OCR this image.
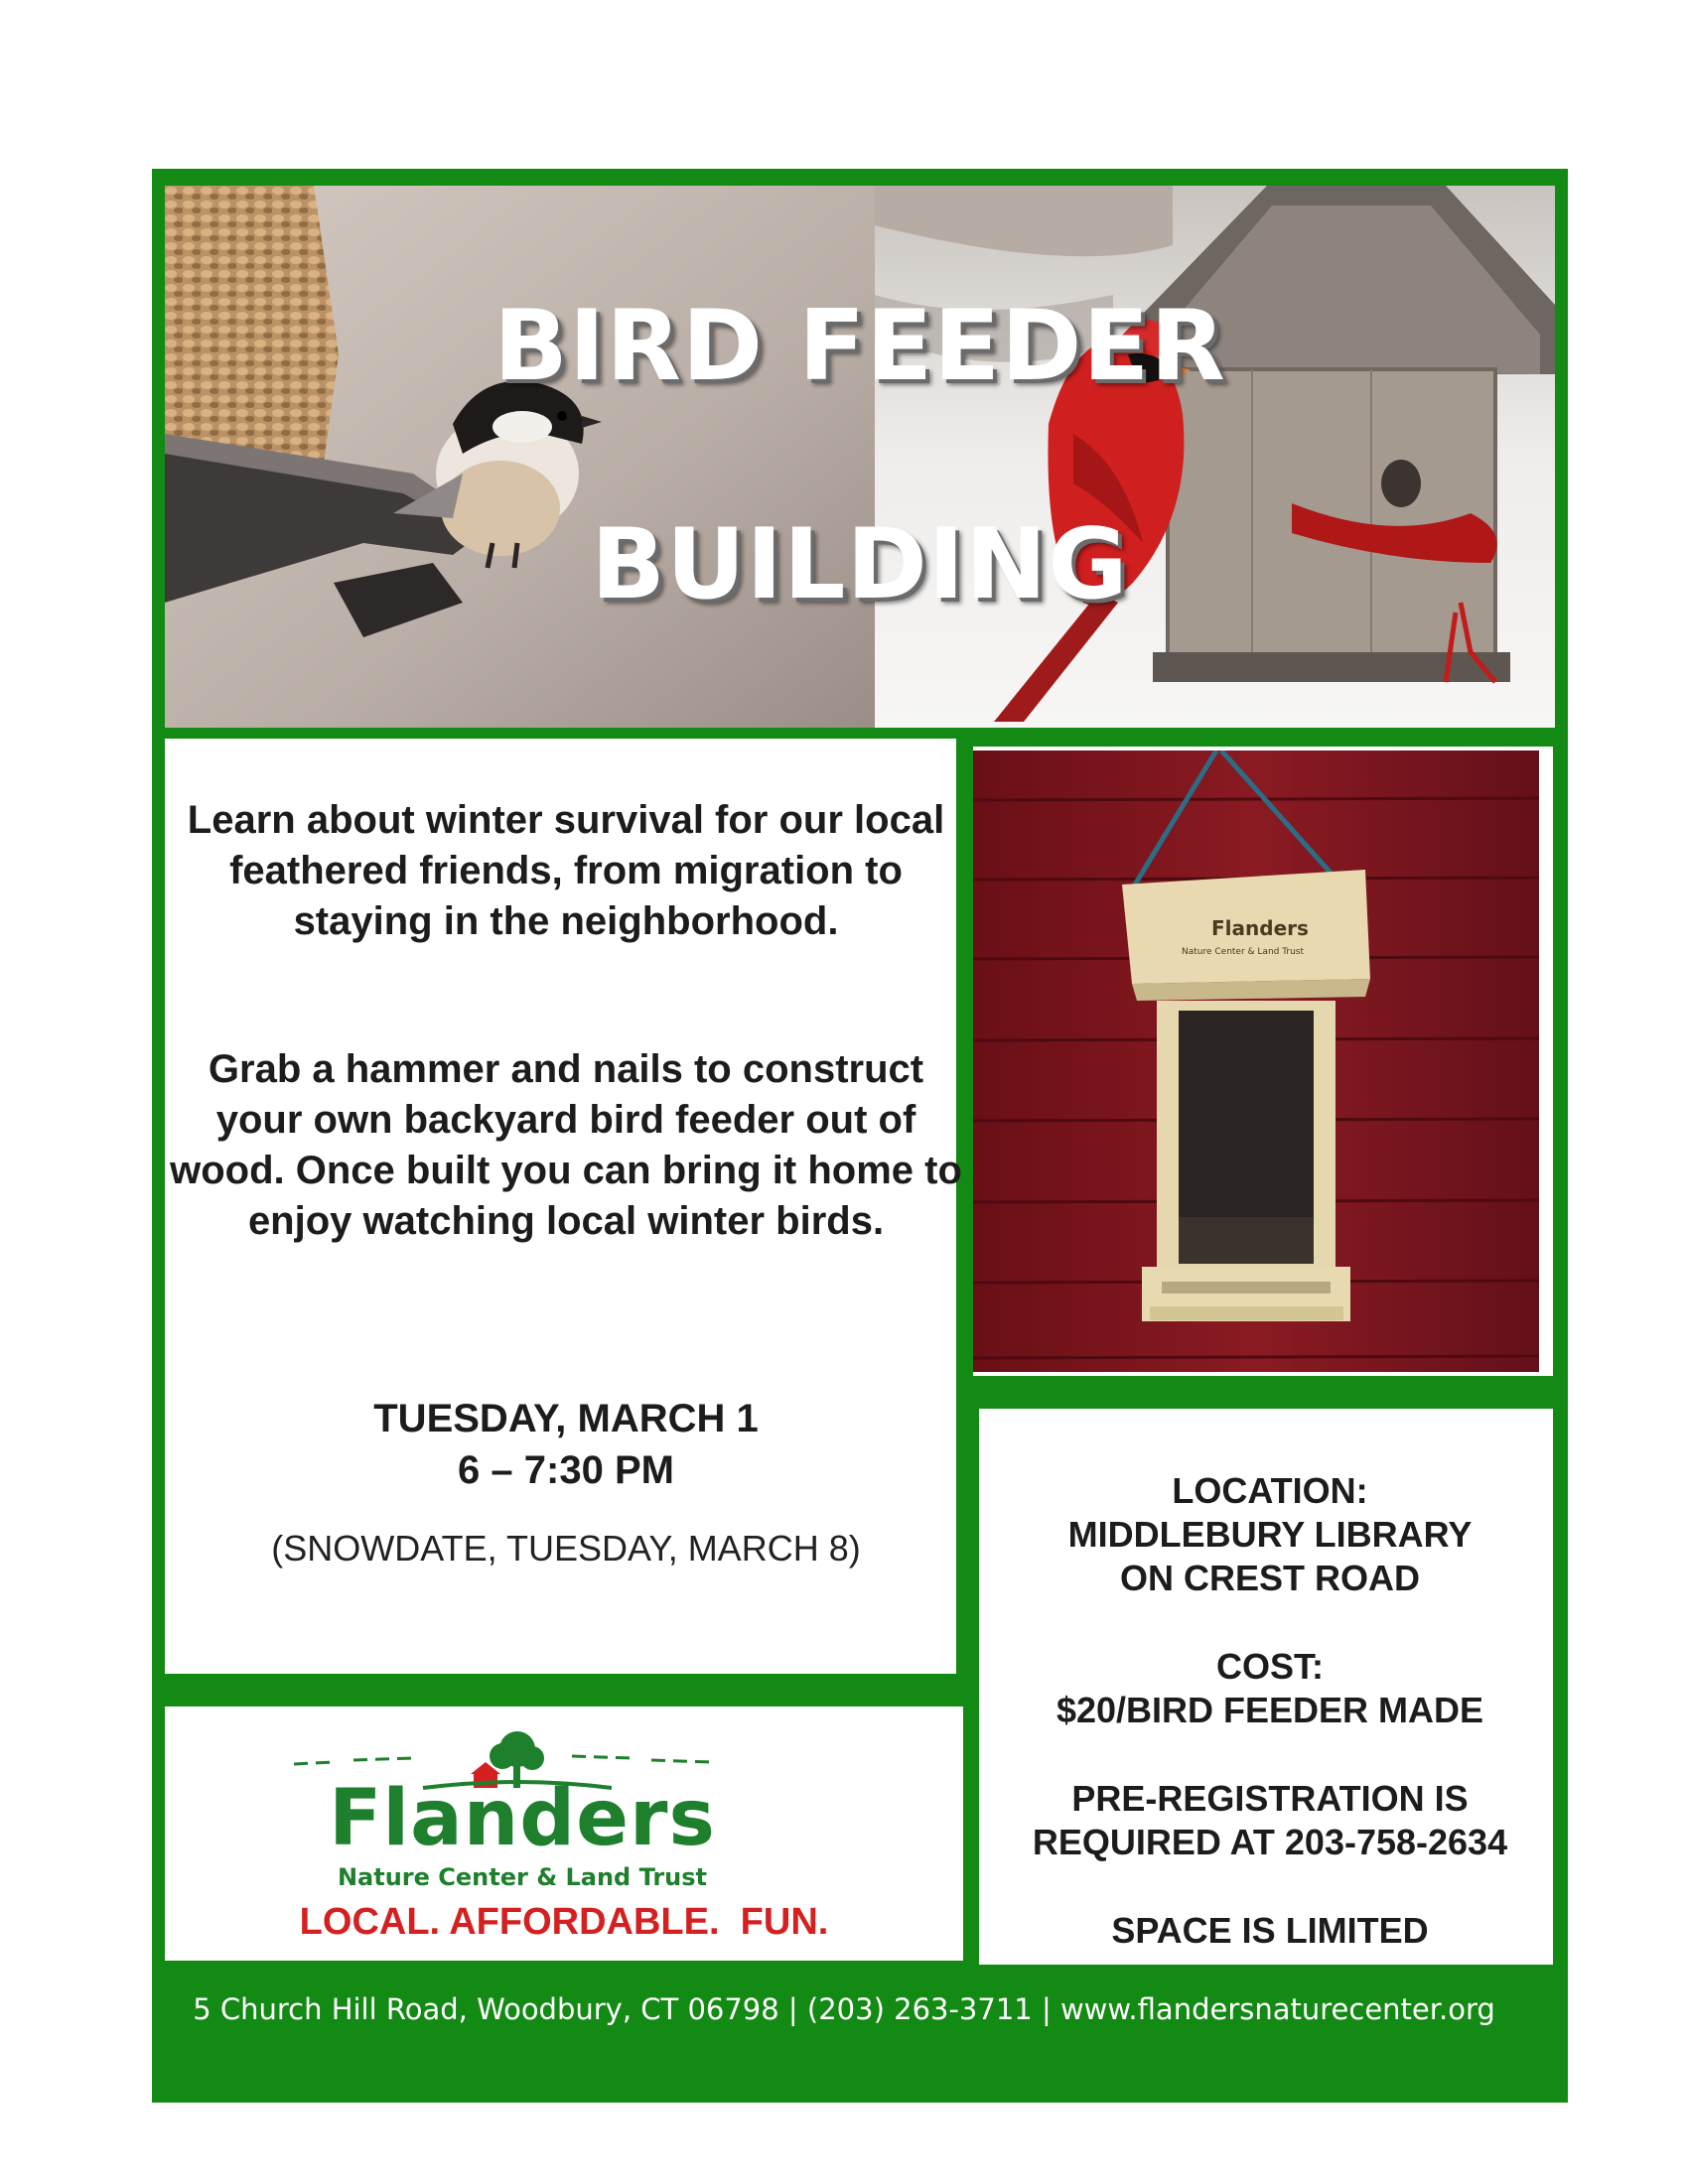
BIRD FEEDER
BUILDING
Learn about winter survival for our local feathered friends, from migration to staying in the neighborhood.
Grab a hammer and nails to construct your own backyard bird feeder out of wood. Once built you can bring it home to enjoy watching local winter birds.
TUESDAY, MARCH 1
6 – 7:30 PM
(SNOWDATE, TUESDAY, MARCH 8)
Flanders
Nature Center & Land Trust
LOCATION:
MIDDLEBURY LIBRARY
ON CREST ROAD
COST:
$20/BIRD FEEDER MADE
PRE-REGISTRATION IS
REQUIRED AT 203-758-2634
SPACE IS LIMITED
Flanders
Nature Center & Land Trust
LOCAL. AFFORDABLE.  FUN.
5 Church Hill Road, Woodbury, CT 06798 | (203) 263-3711 | www.flandersnaturecenter.org
